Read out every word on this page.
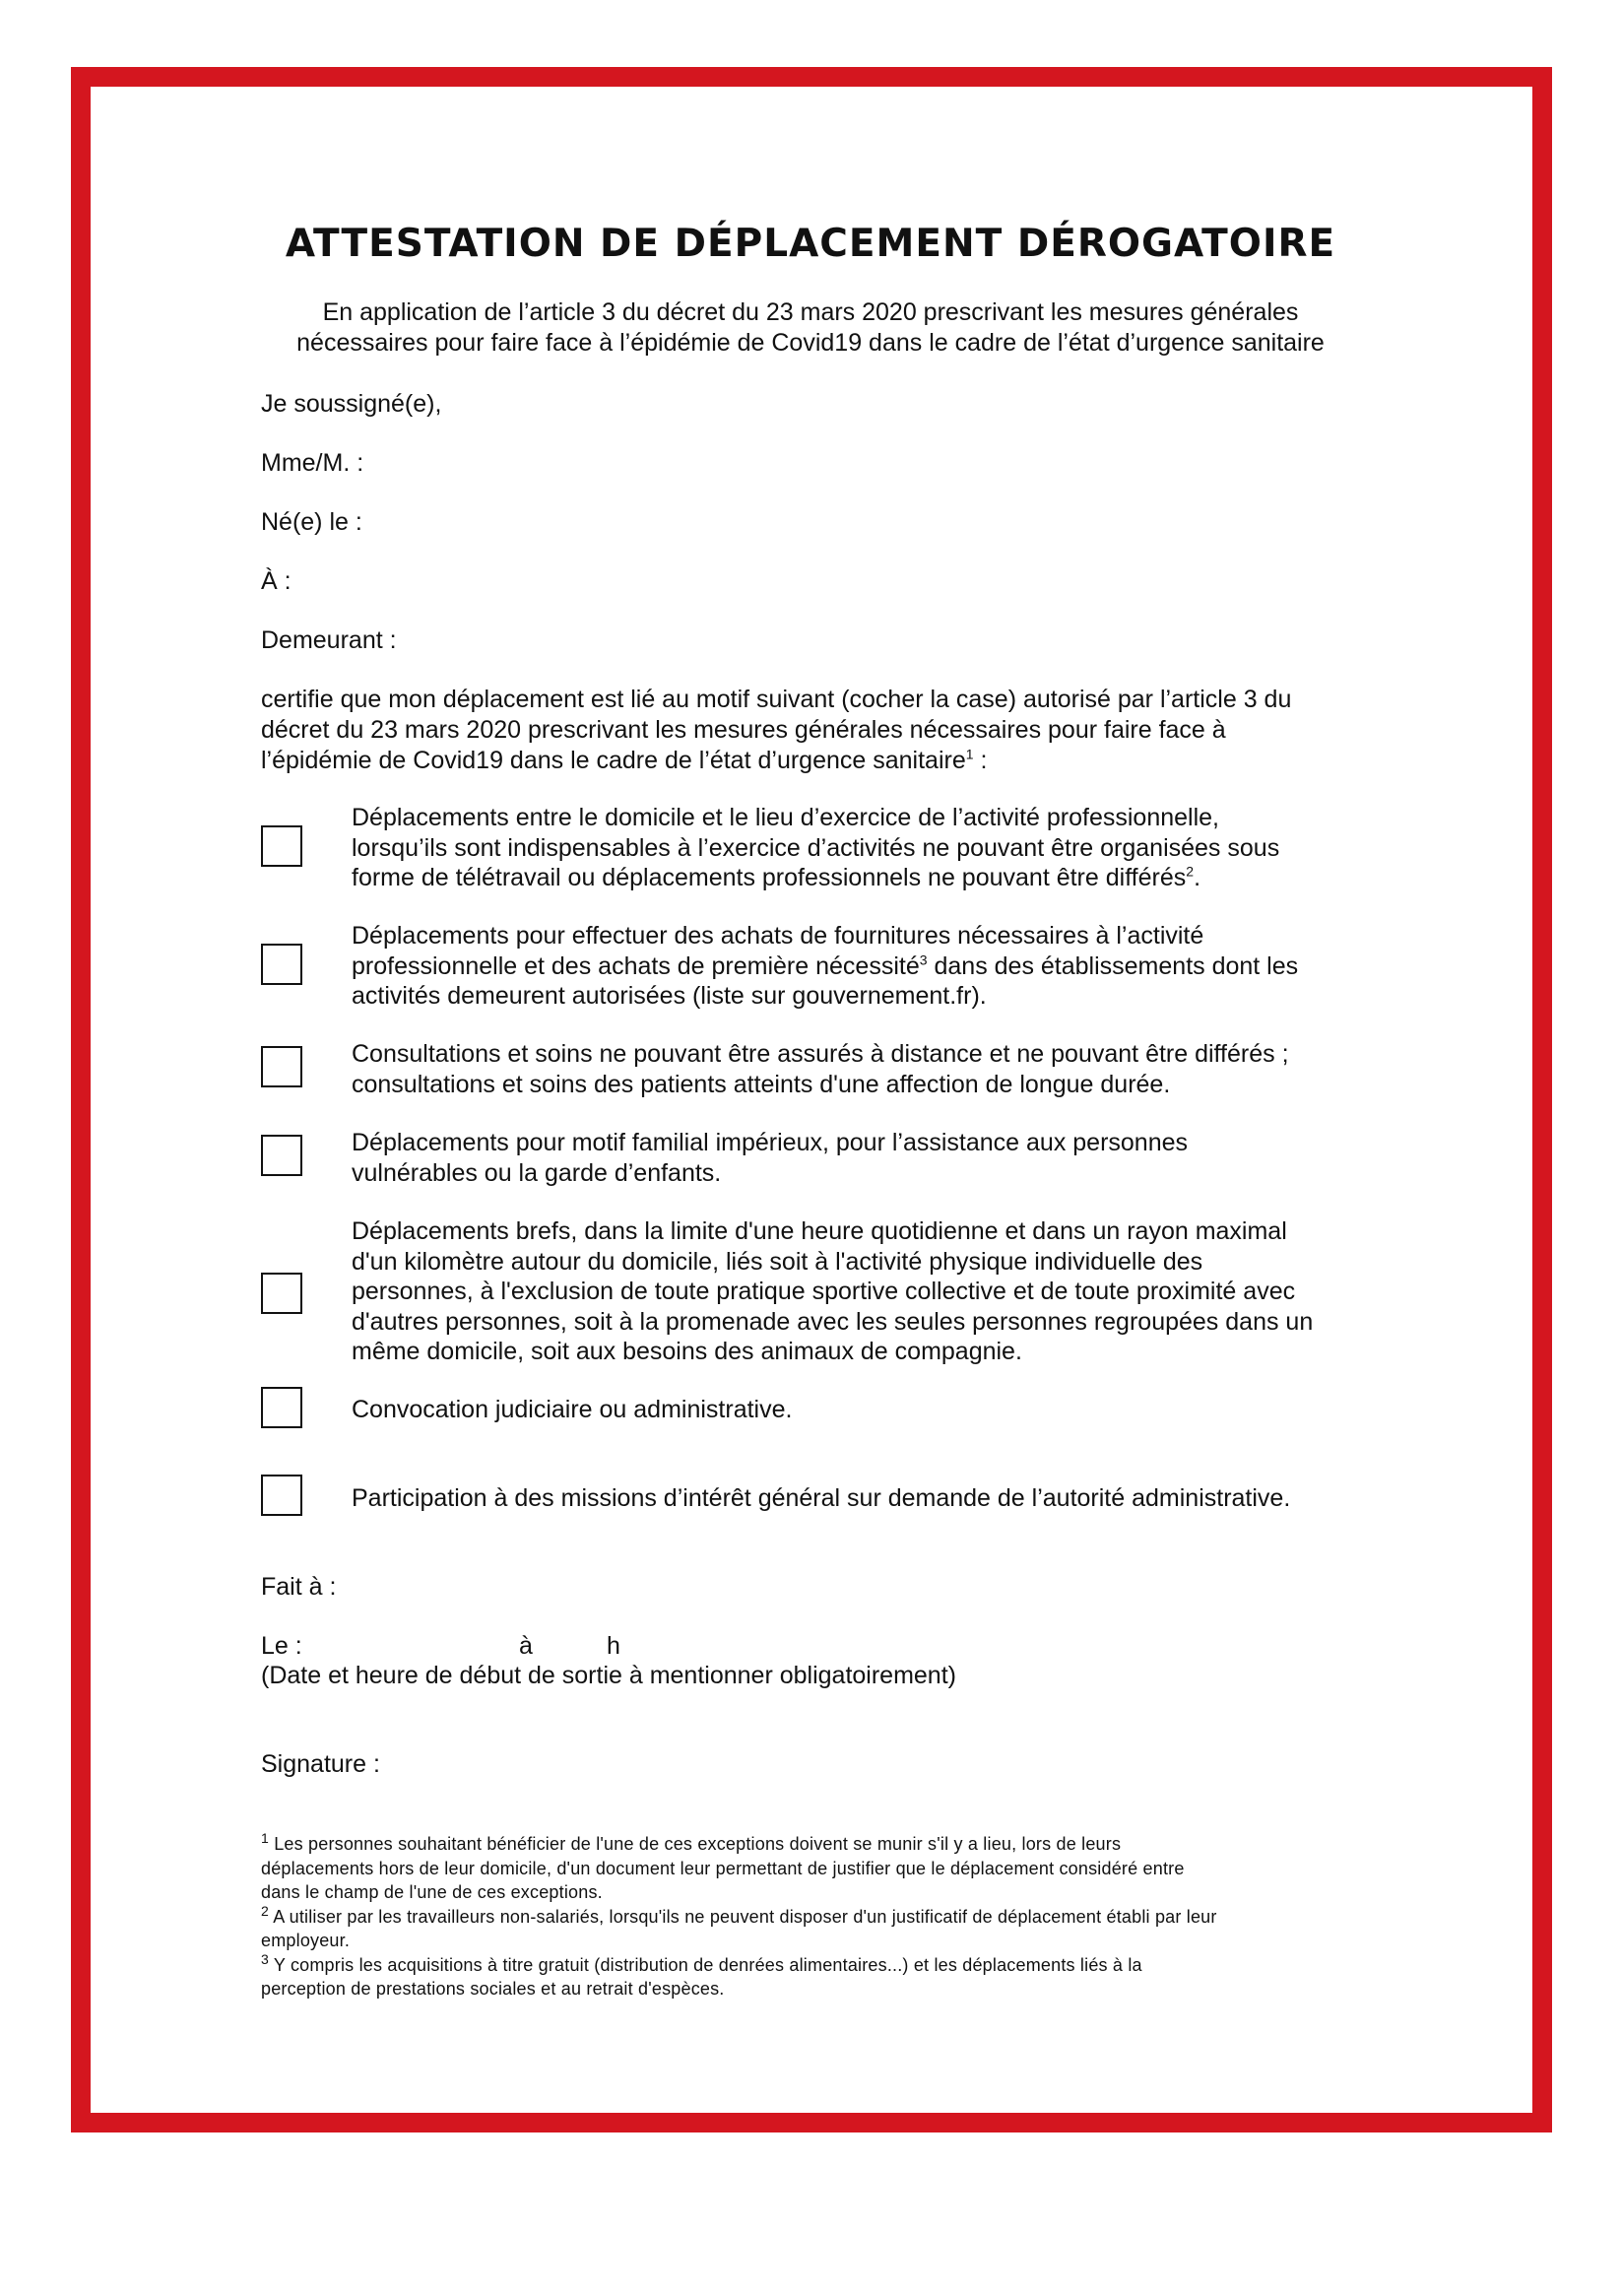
ATTESTATION DE DÉPLACEMENT DÉROGATOIRE
En application de l’article 3 du décret du 23 mars 2020 prescrivant les mesures générales
nécessaires pour faire face à l’épidémie de Covid19 dans le cadre de l’état d’urgence sanitaire
Je soussigné(e),
Mme/M. :
Né(e) le :
À :
Demeurant :
certifie que mon déplacement est lié au motif suivant (cocher la case) autorisé par l’article 3 du
décret du 23 mars 2020 prescrivant les mesures générales nécessaires pour faire face à
l’épidémie de Covid19 dans le cadre de l’état d’urgence sanitaire$^1$ :
Déplacements entre le domicile et le lieu d’exercice de l’activité professionnelle,
lorsqu’ils sont indispensables à l’exercice d’activités ne pouvant être organisées sous
forme de télétravail ou déplacements professionnels ne pouvant être différés$^2$.
Déplacements pour effectuer des achats de fournitures nécessaires à l’activité
professionnelle et des achats de première nécessité$^3$ dans des établissements dont les
activités demeurent autorisées (liste sur gouvernement.fr).
Consultations et soins ne pouvant être assurés à distance et ne pouvant être différés ;
consultations et soins des patients atteints d'une affection de longue durée.
Déplacements pour motif familial impérieux, pour l’assistance aux personnes
vulnérables ou la garde d’enfants.
Déplacements brefs, dans la limite d'une heure quotidienne et dans un rayon maximal
d'un kilomètre autour du domicile, liés soit à l'activité physique individuelle des
personnes, à l'exclusion de toute pratique sportive collective et de toute proximité avec
d'autres personnes, soit à la promenade avec les seules personnes regroupées dans un
même domicile, soit aux besoins des animaux de compagnie.
Convocation judiciaire ou administrative.
Participation à des missions d’intérêt général sur demande de l’autorité administrative.
Fait à :
Le :	à	h
(Date et heure de début de sortie à mentionner obligatoirement)
Signature :

$^1$ Les personnes souhaitant bénéficier de l'une de ces exceptions doivent se munir s'il y a lieu, lors de leurs

déplacements hors de leur domicile, d'un document leur permettant de justifier que le déplacement considéré entre

dans le champ de l'une de ces exceptions.

$^2$ A utiliser par les travailleurs non-salariés, lorsqu'ils ne peuvent disposer d'un justificatif de déplacement établi par leur

employeur.

$^3$ Y compris les acquisitions à titre gratuit (distribution de denrées alimentaires...) et les déplacements liés à la

perception de prestations sociales et au retrait d'espèces.
